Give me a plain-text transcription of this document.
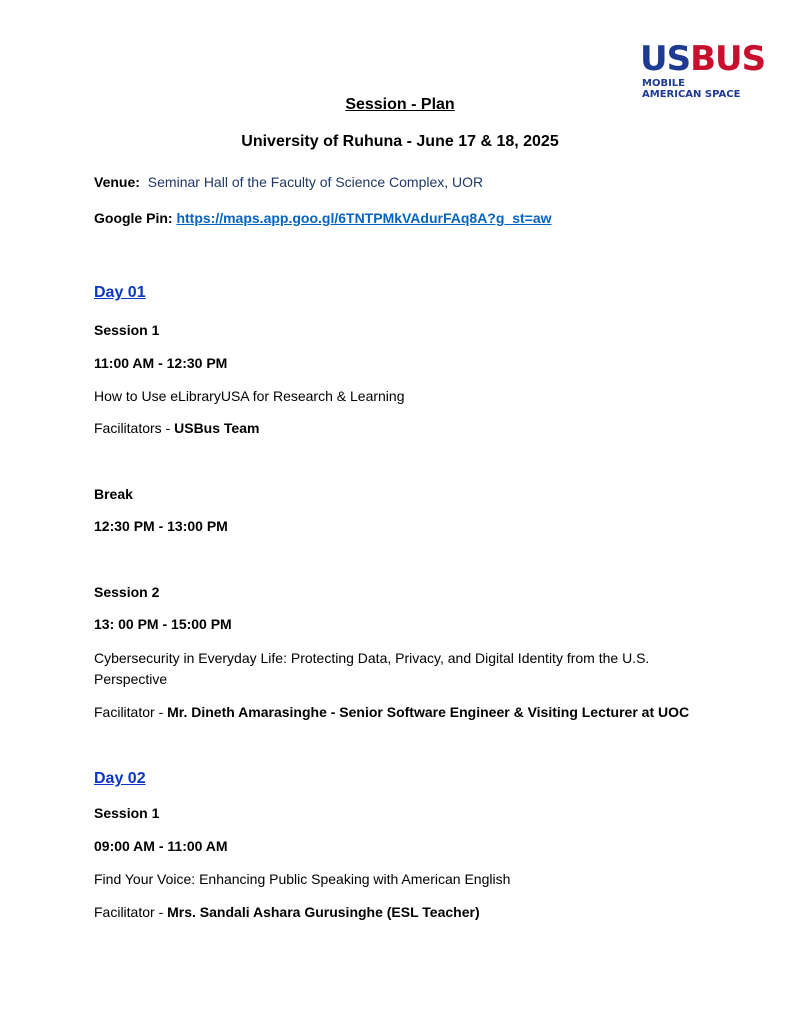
USBUS
MOBILE
AMERICAN SPACE
Session - Plan
University of Ruhuna - June 17 & 18, 2025
Venue: Seminar Hall of the Faculty of Science Complex, UOR
Google Pin: https://maps.app.goo.gl/6TNTPMkVAdurFAq8A?g_st=aw
Day 01
Session 1
11:00 AM - 12:30 PM
How to Use eLibraryUSA for Research & Learning
Facilitators - USBus Team
Break
12:30 PM - 13:00 PM
Session 2
13: 00 PM - 15:00 PM
Cybersecurity in Everyday Life: Protecting Data, Privacy, and Digital Identity from the U.S.
Perspective
Facilitator - Mr. Dineth Amarasinghe - Senior Software Engineer & Visiting Lecturer at UOC
Day 02
Session 1
09:00 AM - 11:00 AM
Find Your Voice: Enhancing Public Speaking with American English
Facilitator - Mrs. Sandali Ashara Gurusinghe (ESL Teacher)
